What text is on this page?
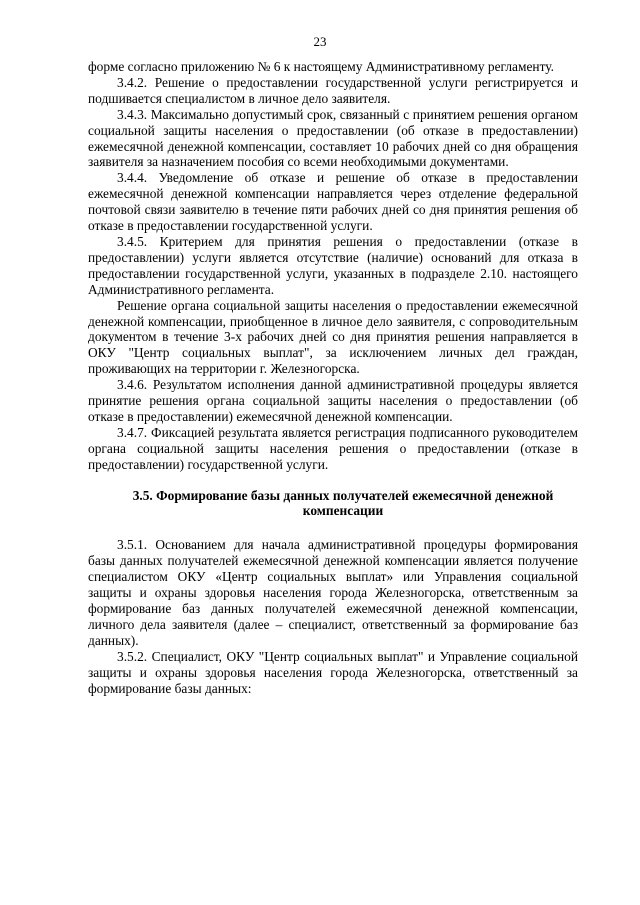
23

форме согласно приложению № 6 к настоящему Административному регламенту.

3.4.2. Решение о предоставлении государственной услуги регистрируется и подшивается специалистом в личное дело заявителя.

3.4.3. Максимально допустимый срок, связанный с принятием решения органом социальной защиты населения о предоставлении (об отказе в предоставлении) ежемесячной денежной компенсации, составляет 10 рабочих дней со дня обращения заявителя за назначением пособия со всеми необходимыми документами.

3.4.4. Уведомление об отказе и решение об отказе в предоставлении ежемесячной денежной компенсации направляется через отделение федеральной почтовой связи заявителю в течение пяти рабочих дней со дня принятия решения об отказе в предоставлении государственной услуги.

3.4.5. Критерием для принятия решения о предоставлении (отказе в предоставлении) услуги является отсутствие (наличие) оснований для отказа в предоставлении государственной услуги, указанных в подразделе 2.10. настоящего Административного регламента.

Решение органа социальной защиты населения о предоставлении ежемесячной денежной компенсации, приобщенное в личное дело заявителя, с сопроводительным документом в течение 3-х рабочих дней со дня принятия решения направляется в ОКУ "Центр социальных выплат", за исключением личных дел граждан, проживающих на территории г. Железногорска.

3.4.6. Результатом исполнения данной административной процедуры является принятие решения органа социальной защиты населения о предоставлении (об отказе в предоставлении) ежемесячной денежной компенсации.

3.4.7. Фиксацией результата является регистрация подписанного руководителем органа социальной защиты населения решения о предоставлении (отказе в предоставлении) государственной услуги.

3.5. Формирование базы данных получателей ежемесячной денежной компенсации

3.5.1. Основанием для начала административной процедуры формирования базы данных получателей ежемесячной денежной компенсации является получение специалистом ОКУ «Центр социальных выплат» или Управления социальной защиты и охраны здоровья населения города Железногорска, ответственным за формирование баз данных получателей ежемесячной денежной компенсации, личного дела заявителя (далее – специалист, ответственный за формирование баз данных).

3.5.2. Специалист, ОКУ "Центр социальных выплат" и Управление социальной защиты и охраны здоровья населения города Железногорска, ответственный за формирование базы данных:
